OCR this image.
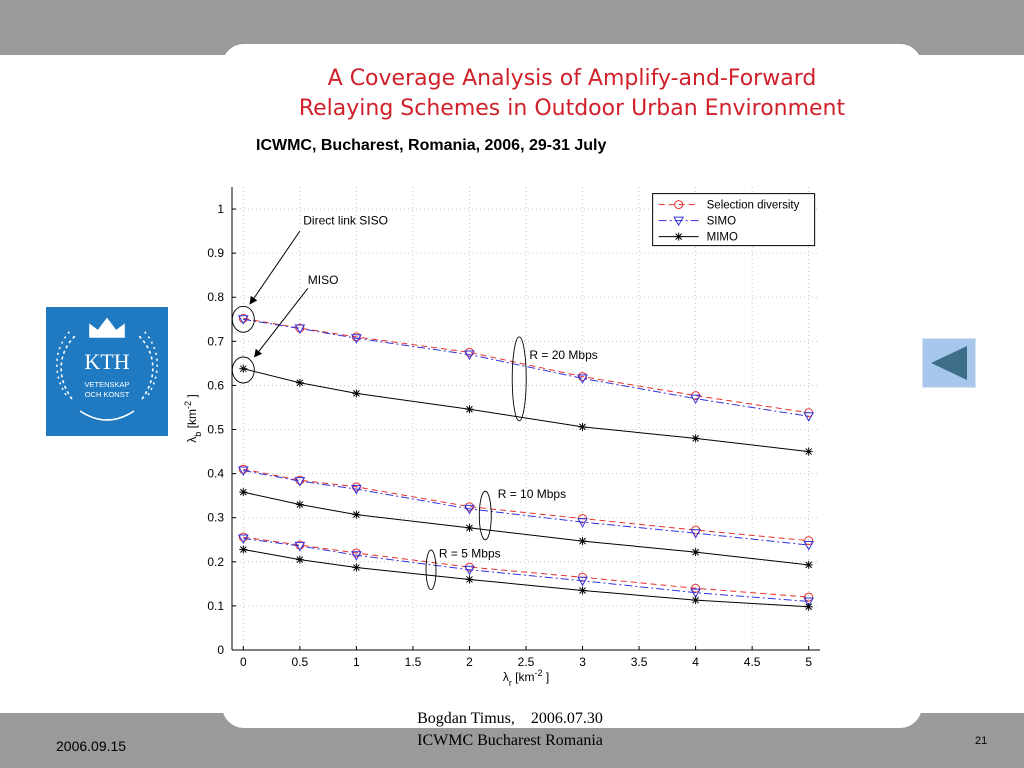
A Coverage Analysis of Amplify-and-Forward
Relaying Schemes in Outdoor Urban Environment
ICWMC, Bucharest, Romania, 2006, 29-31 July
KTH
VETENSKAP
OCH KONST
0	0.5	1	1.5	2	2.5	3	3.5	4	4.5	5
0
0.1
0.2
0.3
0.4
0.5
0.6
0.7
0.8
0.9
1
$\lambda_r$ [$km^{-2}$ ]
$\lambda_b$ [$km^{-2}$ ]
R = 20 Mbps
R = 10 Mbps
R = 5 Mbps
Direct link SISO
MISO
Selection diversity
SIMO
MIMO
2006.09.15
Bogdan Timus,    2006.07.30
ICWMC Bucharest Romania	21
